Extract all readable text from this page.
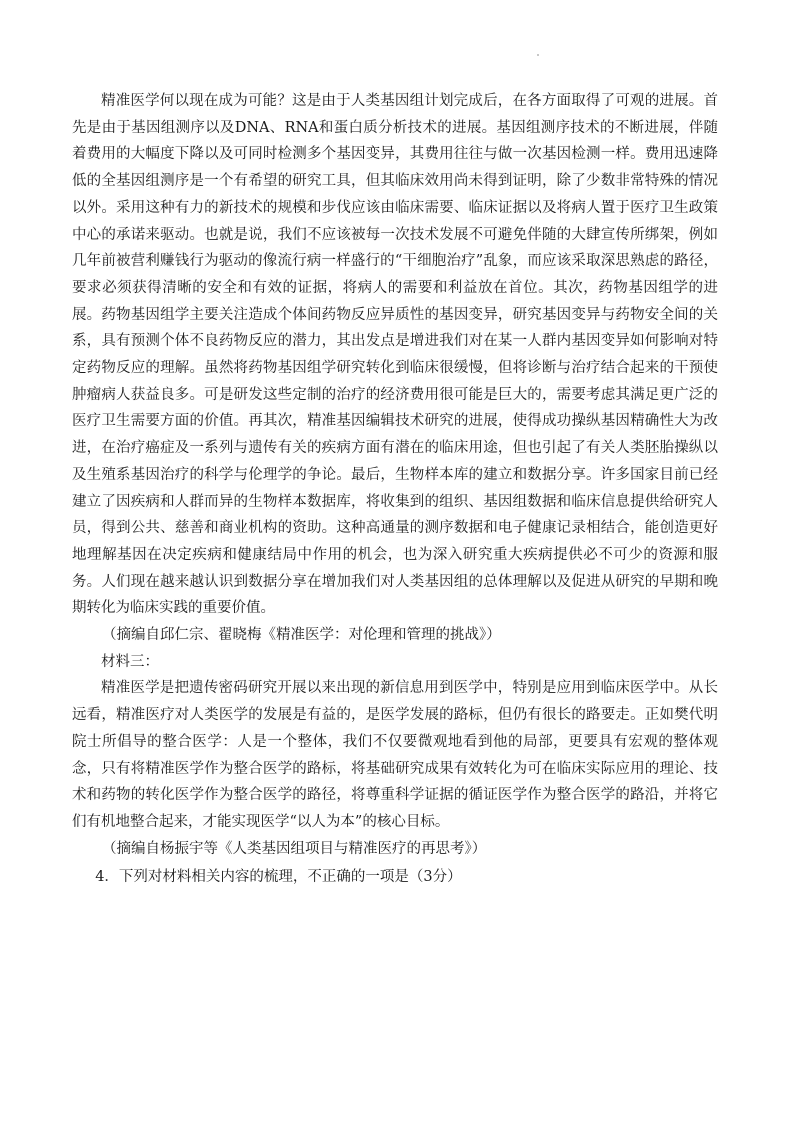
精准医学何以现在成为可能？这是由于人类基因组计划完成后，在各方面取得了可观的进展。首先是由于基因组测序以及DNA、RNA和蛋白质分析技术的进展。基因组测序技术的不断进展，伴随着费用的大幅度下降以及可同时检测多个基因变异，其费用往往与做一次基因检测一样。费用迅速降低的全基因组测序是一个有希望的研究工具，但其临床效用尚未得到证明，除了少数非常特殊的情况以外。采用这种有力的新技术的规模和步伐应该由临床需要、临床证据以及将病人置于医疗卫生政策中心的承诺来驱动。也就是说，我们不应该被每一次技术发展不可避免伴随的大肆宣传所绑架，例如几年前被营利赚钱行为驱动的像流行病一样盛行的“干细胞治疗”乱象，而应该采取深思熟虑的路径，要求必须获得清晰的安全和有效的证据，将病人的需要和利益放在首位。其次，药物基因组学的进展。药物基因组学主要关注造成个体间药物反应异质性的基因变异，研究基因变异与药物安全间的关系，具有预测个体不良药物反应的潜力，其出发点是增进我们对在某一人群内基因变异如何影响对特定药物反应的理解。虽然将药物基因组学研究转化到临床很缓慢，但将诊断与治疗结合起来的干预使肿瘤病人获益良多。可是研发这些定制的治疗的经济费用很可能是巨大的，需要考虑其满足更广泛的医疗卫生需要方面的价值。再其次，精准基因编辑技术研究的进展，使得成功操纵基因精确性大为改进，在治疗癌症及一系列与遗传有关的疾病方面有潜在的临床用途，但也引起了有关人类胚胎操纵以及生殖系基因治疗的科学与伦理学的争论。最后，生物样本库的建立和数据分享。许多国家目前已经建立了因疾病和人群而异的生物样本数据库，将收集到的组织、基因组数据和临床信息提供给研究人员，得到公共、慈善和商业机构的资助。这种高通量的测序数据和电子健康记录相结合，能创造更好地理解基因在决定疾病和健康结局中作用的机会，也为深入研究重大疾病提供必不可少的资源和服务。人们现在越来越认识到数据分享在增加我们对人类基因组的总体理解以及促进从研究的早期和晚期转化为临床实践的重要价值。

（摘编自邱仁宗、翟晓梅《精准医学：对伦理和管理的挑战》）

材料三：

精准医学是把遗传密码研究开展以来出现的新信息用到医学中，特别是应用到临床医学中。从长远看，精准医疗对人类医学的发展是有益的，是医学发展的路标，但仍有很长的路要走。正如樊代明院士所倡导的整合医学：人是一个整体，我们不仅要微观地看到他的局部，更要具有宏观的整体观念，只有将精准医学作为整合医学的路标，将基础研究成果有效转化为可在临床实际应用的理论、技术和药物的转化医学作为整合医学的路径，将尊重科学证据的循证医学作为整合医学的路沿，并将它们有机地整合起来，才能实现医学“以人为本”的核心目标。

（摘编自杨振宇等《人类基因组项目与精准医疗的再思考》）

4．下列对材料相关内容的梳理，不正确的一项是（3分）
